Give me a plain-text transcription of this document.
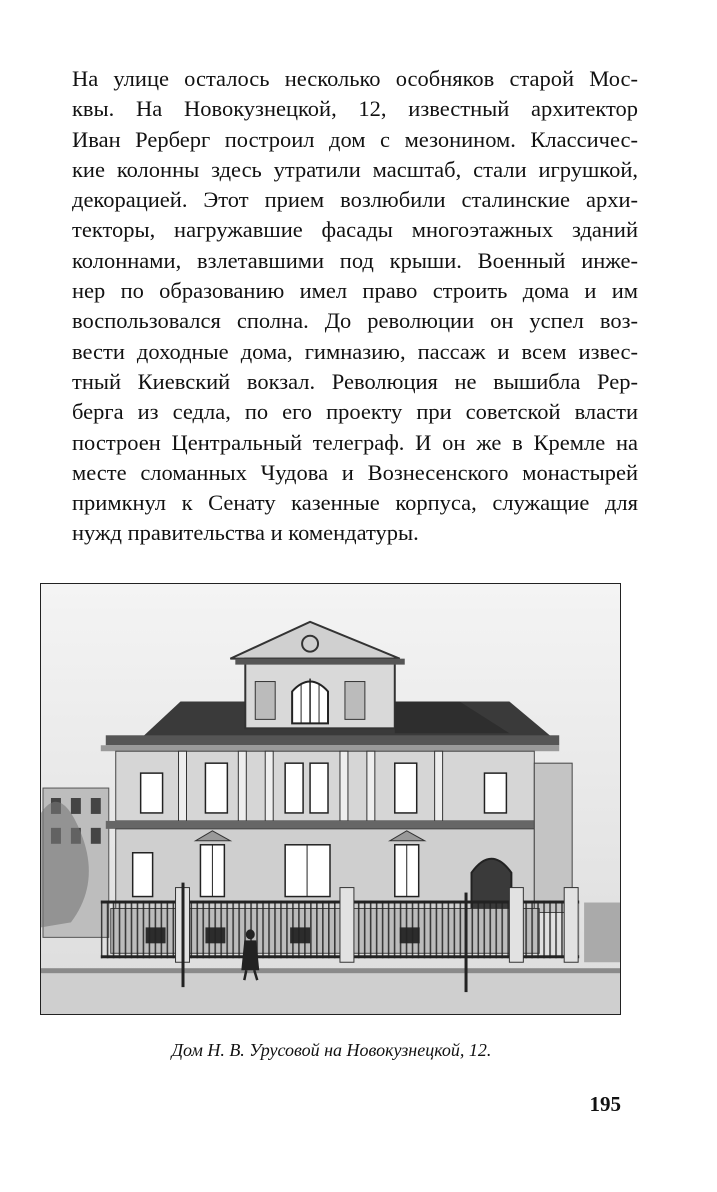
На улице осталось несколько особняков старой Мос-
квы. На Новокузнецкой, 12, известный архитектор
Иван Рерберг построил дом с мезонином. Классичес-
кие колонны здесь утратили масштаб, стали игрушкой,
декорацией. Этот прием возлюбили сталинские архи-
текторы, нагружавшие фасады многоэтажных зданий
колоннами, взлетавшими под крыши. Военный инже-
нер по образованию имел право строить дома и им
воспользовался сполна. До революции он успел воз-
вести доходные дома, гимназию, пассаж и всем извес-
тный Киевский вокзал. Революция не вышибла Рер-
берга из седла, по его проекту при советской власти
построен Центральный телеграф. И он же в Кремле на
месте сломанных Чудова и Вознесенского монастырей
примкнул к Сенату казенные корпуса, служащие для
нужд правительства и комендатуры.
Дом Н. В. Урусовой на Новокузнецкой, 12.
195
